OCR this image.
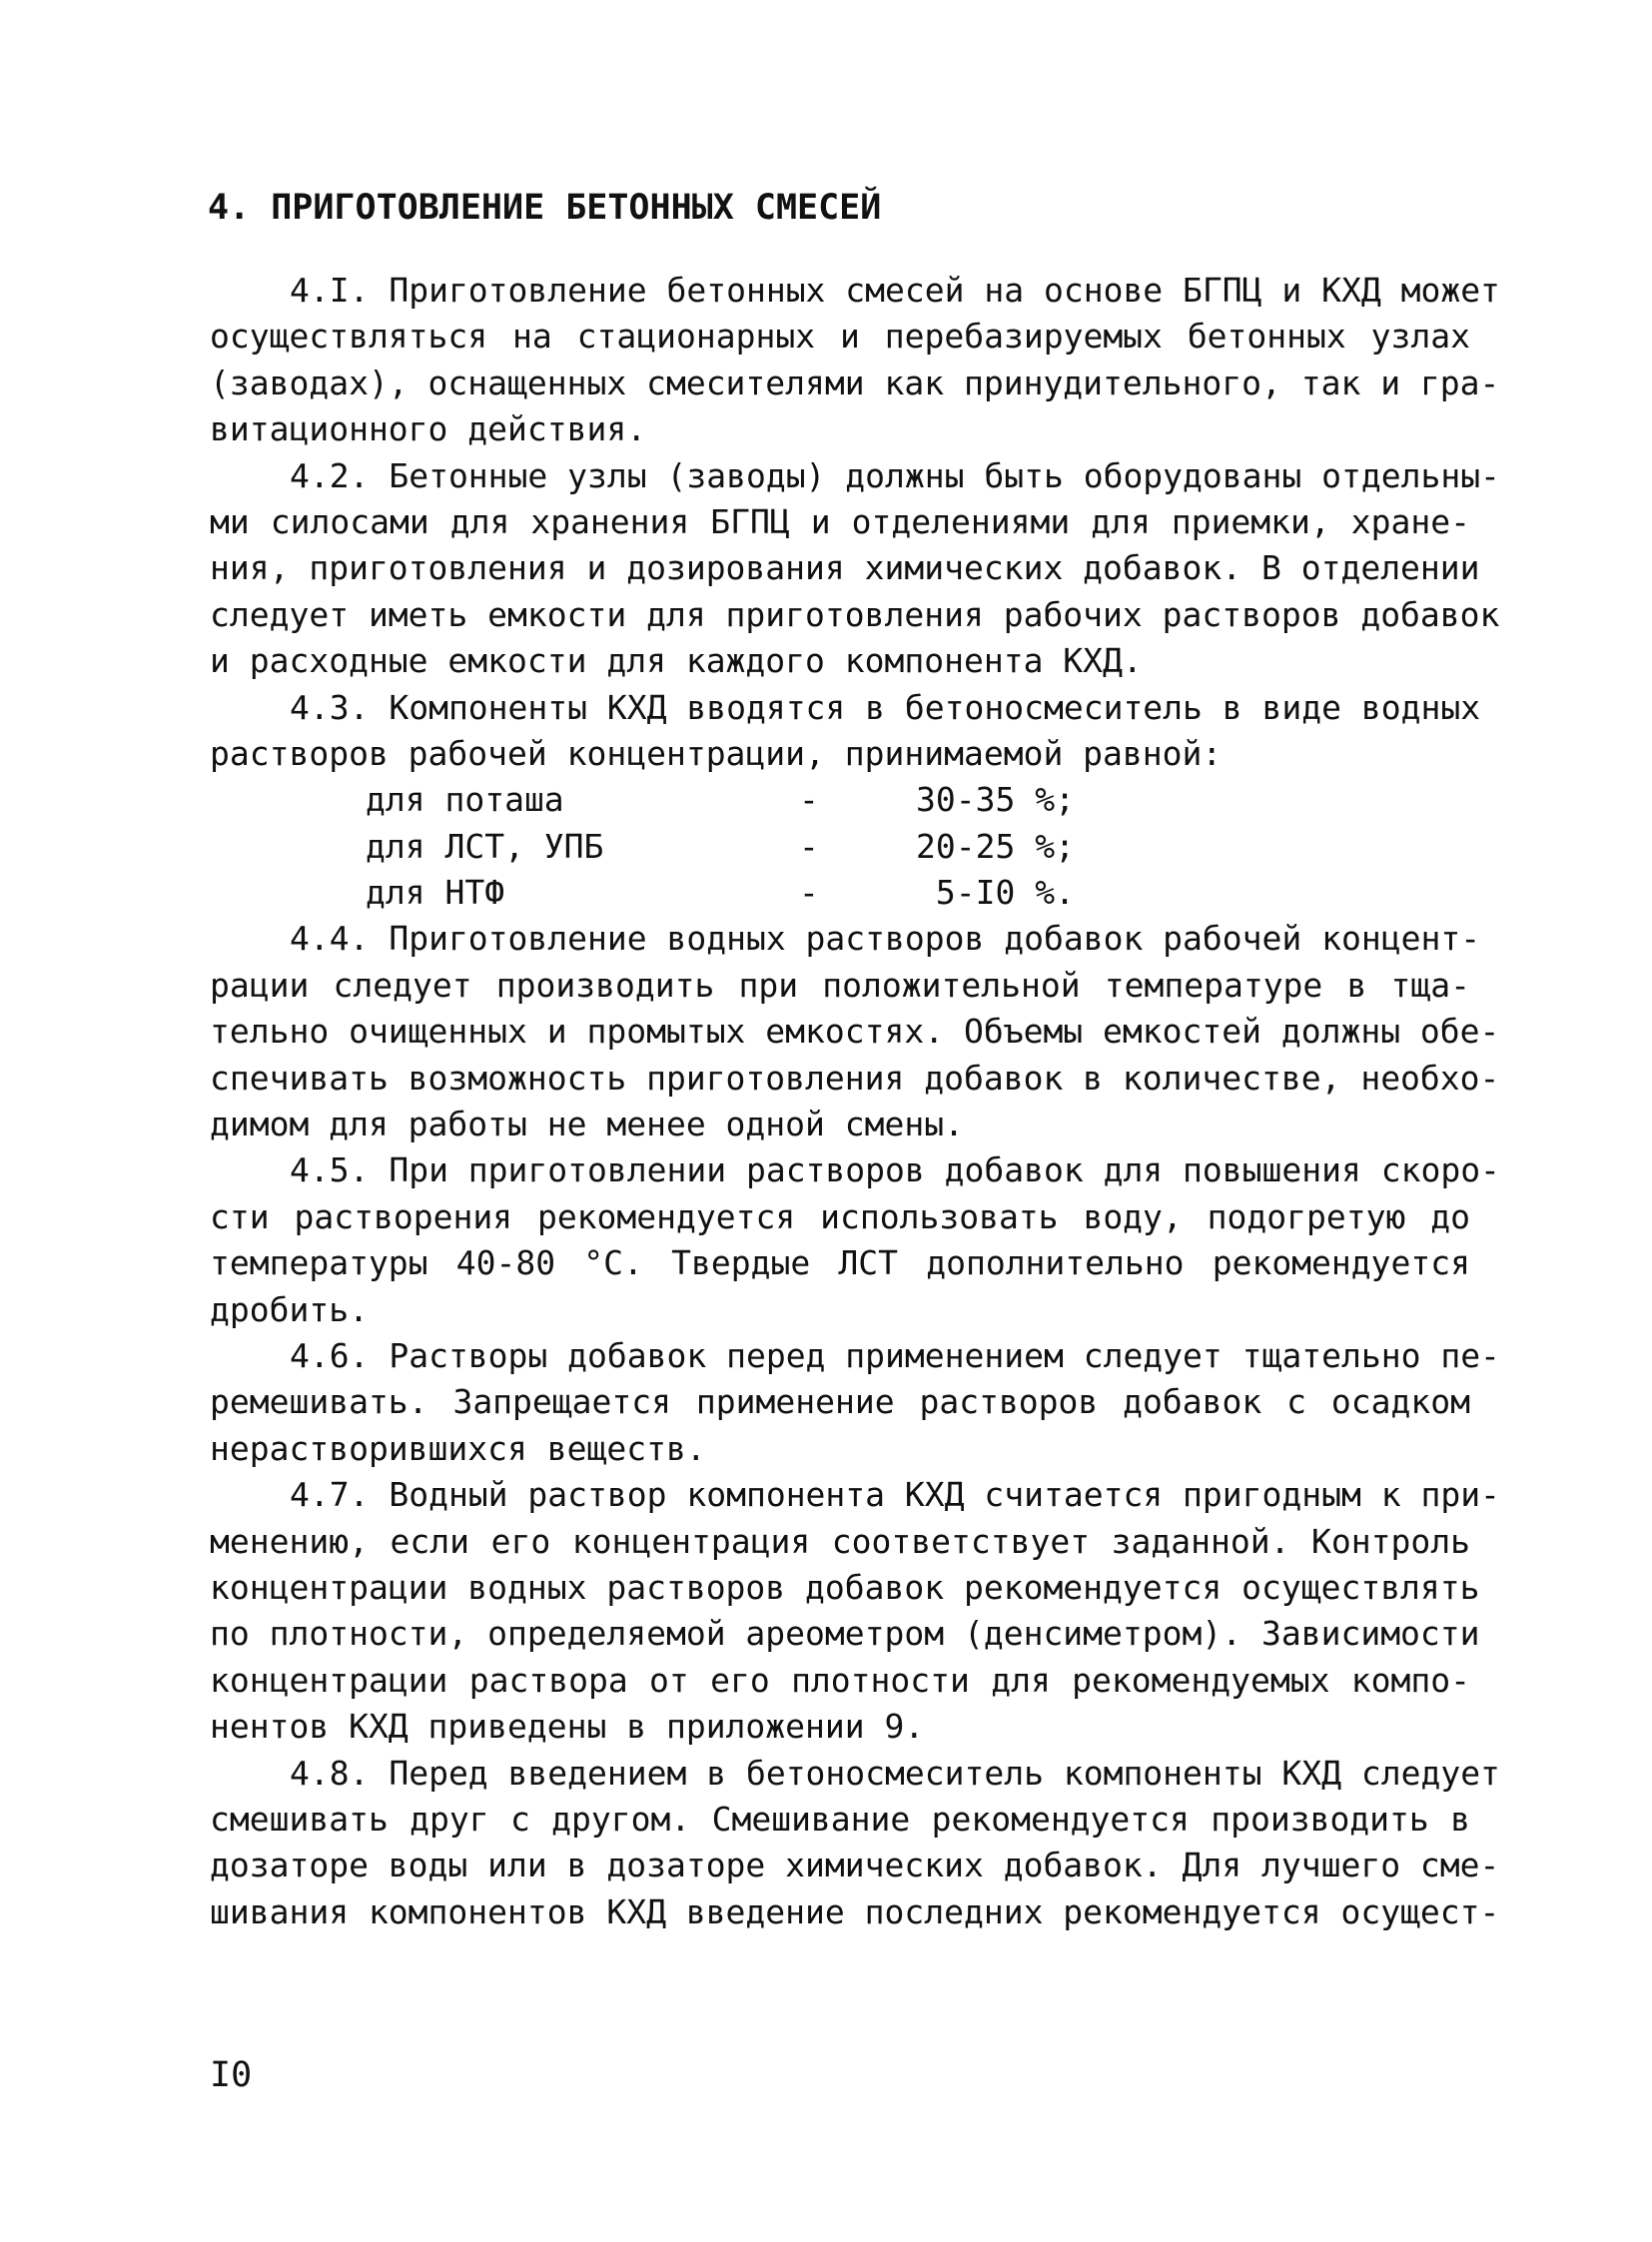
4. ПРИГОТОВЛЕНИЕ БЕТОННЫХ СМЕСЕЙ
4.I. Приготовление бетонных смесей на основе БГПЦ и КХД может
осуществляться на стационарных и перебазируемых бетонных узлах
(заводах), оснащенных смесителями как принудительного, так и гра-
витационного действия.
4.2. Бетонные узлы (заводы) должны быть оборудованы отдельны-
ми силосами для хранения БГПЦ и отделениями для приемки, хране-
ния, приготовления и дозирования химических добавок. В отделении
следует иметь емкости для приготовления рабочих растворов добавок
и расходные емкости для каждого компонента КХД.
4.3. Компоненты КХД вводятся в бетоносмеситель в виде водных
растворов рабочей концентрации, принимаемой равной:
для поташа	-	30-35 %;
для ЛСТ, УПБ	-	20-25 %;
для НТФ	-	5-I0 %.
4.4. Приготовление водных растворов добавок рабочей концент-
рации следует производить при положительной температуре в тща-
тельно очищенных и промытых емкостях. Объемы емкостей должны обе-
спечивать возможность приготовления добавок в количестве, необхо-
димом для работы не менее одной смены.
4.5. При приготовлении растворов добавок для повышения скоро-
сти растворения рекомендуется использовать воду, подогретую до
температуры 40-80 °С. Твердые ЛСТ дополнительно рекомендуется
дробить.
4.6. Растворы добавок перед применением следует тщательно пе-
ремешивать. Запрещается применение растворов добавок с осадком
нерастворившихся веществ.
4.7. Водный раствор компонента КХД считается пригодным к при-
менению, если его концентрация соответствует заданной. Контроль
концентрации водных растворов добавок рекомендуется осуществлять
по плотности, определяемой ареометром (денсиметром). Зависимости
концентрации раствора от его плотности для рекомендуемых компо-
нентов КХД приведены в приложении 9.
4.8. Перед введением в бетоносмеситель компоненты КХД следует
смешивать друг с другом. Смешивание рекомендуется производить в
дозаторе воды или в дозаторе химических добавок. Для лучшего сме-
шивания компонентов КХД введение последних рекомендуется осущест-
I0
